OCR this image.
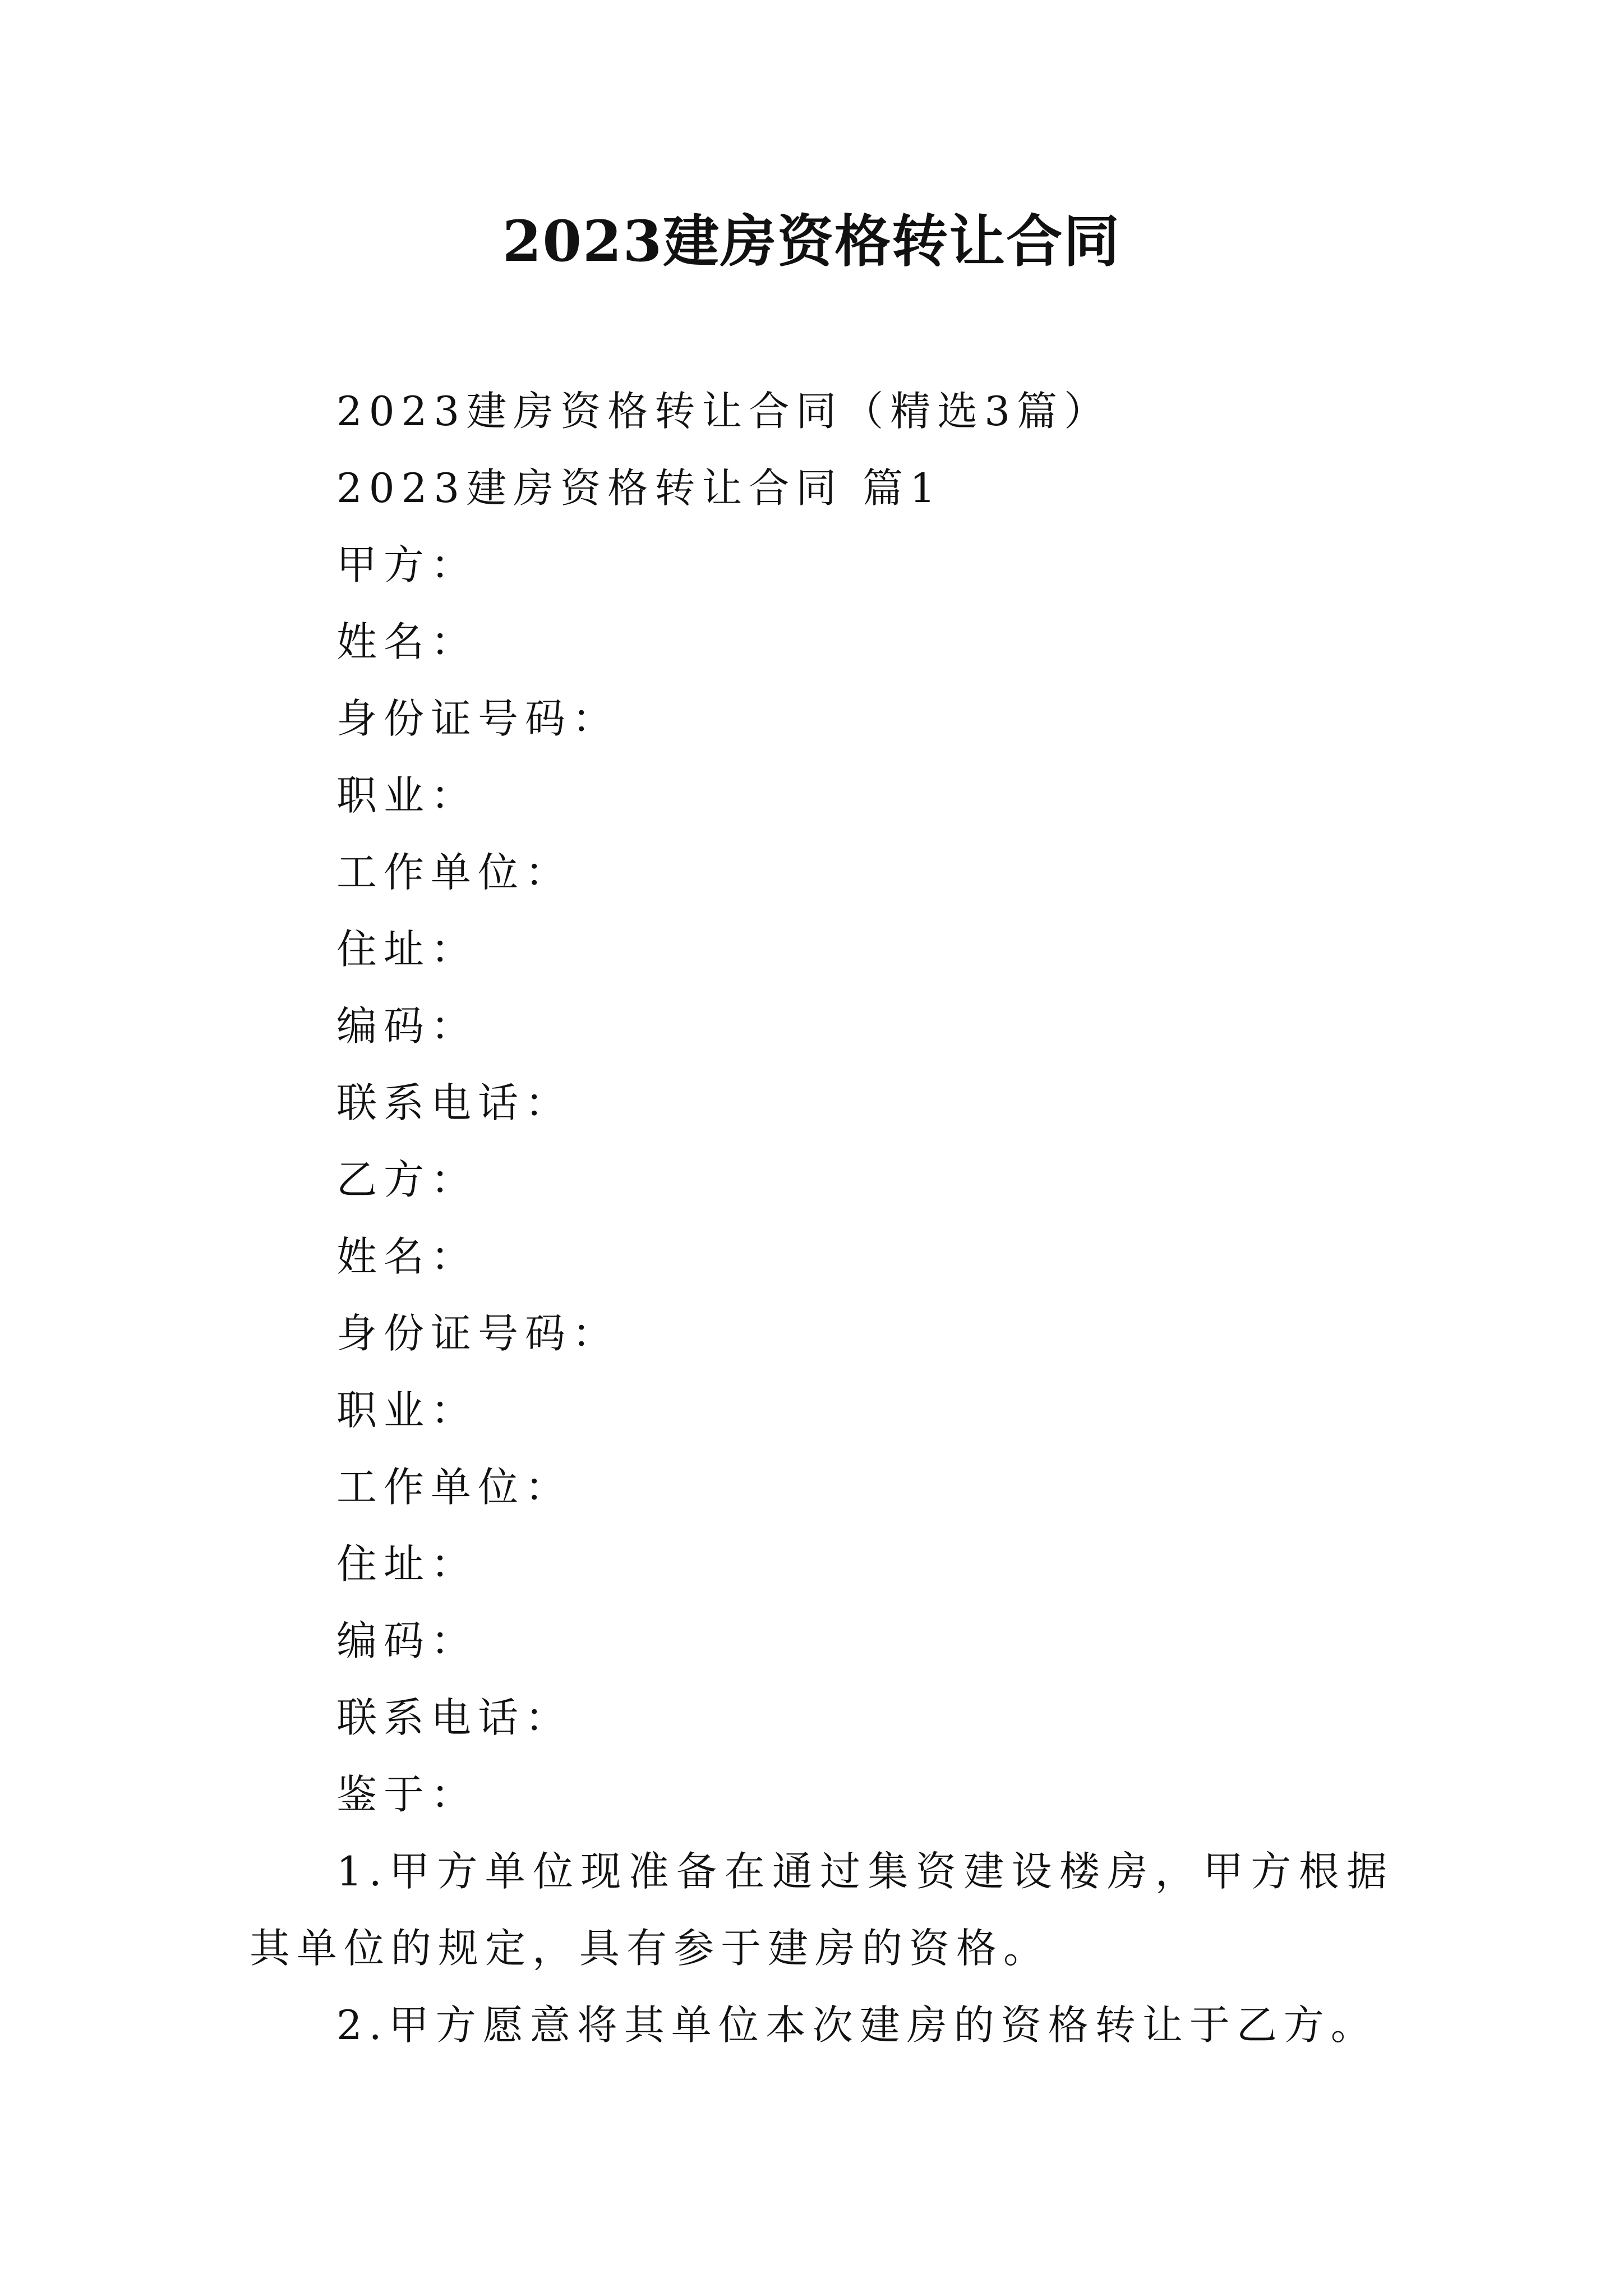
2023建房资格转让合同
2023建房资格转让合同（精选3篇）
2023建房资格转让合同 篇1
甲方：
姓名：
身份证号码：
职业：
工作单位：
住址：
编码：
联系电话：
乙方：
姓名：
身份证号码：
职业：
工作单位：
住址：
编码：
联系电话：
鉴于：
1.甲方单位现准备在通过集资建设楼房，甲方根据其单位的规定，具有参于建房的资格。
2.甲方愿意将其单位本次建房的资格转让于乙方。
